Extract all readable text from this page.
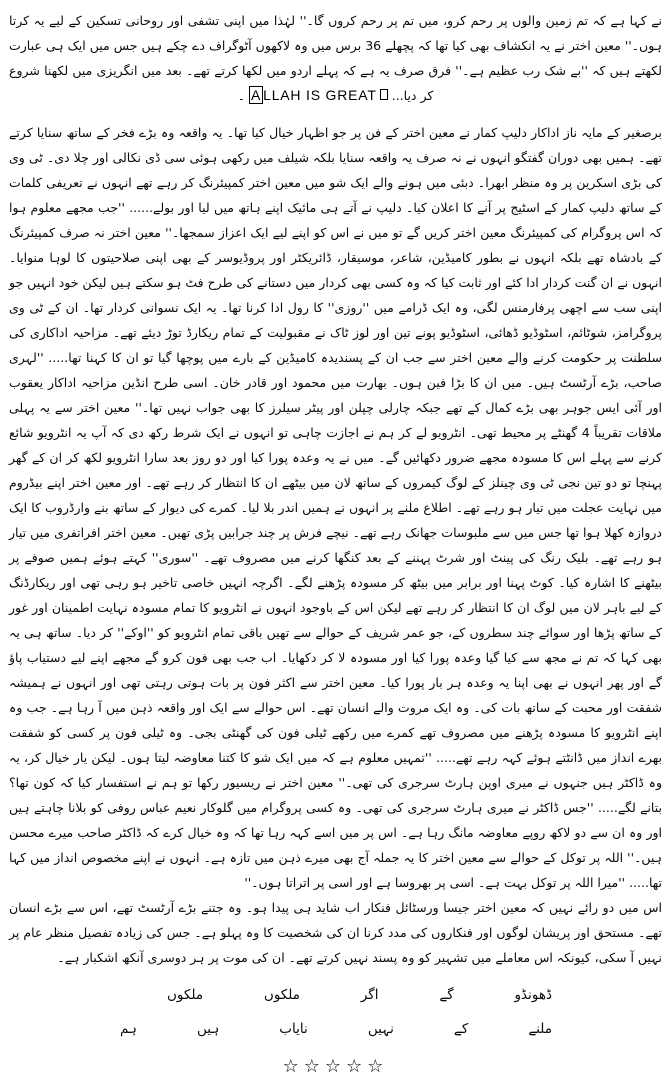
نے کہا ہے کہ تم زمین والوں پر رحم کرو، میں تم پر رحم کروں گا۔'' لہٰذا میں اپنی تشفی اور روحانی تسکین کے لیے یہ کرتا ہوں۔'' معین اختر نے یہ انکشاف بھی کیا تھا کہ پچھلے 36 برس میں وہ لاکھوں آٹوگراف دے چکے ہیں جس میں ایک ہی عبارت لکھتے ہیں کہ ''بے شک رب عظیم ہے۔'' فرق صرف یہ ہے کہ پہلے اردو میں لکھا کرتے تھے۔ بعد میں انگریزی میں لکھنا شروع کر دیا... A LLAH IS GREAT ۔

برصغیر کے مایہ ناز اداکار دلیپ کمار نے معین اختر کے فن پر جو اظہار خیال کیا تھا۔ یہ واقعہ وہ بڑے فخر کے ساتھ سنایا کرتے تھے۔ ہمیں بھی دوران گفتگو انہوں نے نہ صرف یہ واقعہ سنایا بلکہ شیلف میں رکھی ہوئی سی ڈی نکالی اور چلا دی۔ ٹی وی کی بڑی اسکرین پر وہ منظر ابھرا۔ دبئی میں ہونے والے ایک شو میں معین اختر کمپیئرنگ کر رہے تھے انہوں نے تعریفی کلمات کے ساتھ دلیپ کمار کے اسٹیج پر آنے کا اعلان کیا۔ دلیپ نے آتے ہی مائیک اپنے ہاتھ میں لیا اور بولے...... ''جب مجھے معلوم ہوا کہ اس پروگرام کی کمپیئرنگ معین اختر کریں گے تو میں نے اس کو اپنے لیے ایک اعزاز سمجھا۔'' معین اختر نہ صرف کمپیئرنگ کے بادشاہ تھے بلکہ انہوں نے بطور کامیڈین، شاعر، موسیقار، ڈائریکٹر اور پروڈیوسر کے بھی اپنی صلاحیتوں کا لوہا منوایا۔ انہوں نے ان گنت کردار ادا کئے اور ثابت کیا کہ وہ کسی بھی کردار میں دستانے کی طرح فٹ ہو سکتے ہیں لیکن خود انہیں جو اپنی سب سے اچھی پرفارمنس لگی، وہ ایک ڈرامے میں ''روزی'' کا رول ادا کرنا تھا۔ یہ ایک نسوانی کردار تھا۔ ان کے ٹی وی پروگرامز، شوٹائم، اسٹوڈیو ڈھائی، اسٹوڈیو پونے تین اور لوز ٹاک نے مقبولیت کے تمام ریکارڈ توڑ دیئے تھے۔ مزاحیہ اداکاری کی سلطنت پر حکومت کرنے والے معین اختر سے جب ان کے پسندیدہ کامیڈین کے بارے میں پوچھا گیا تو ان کا کہنا تھا..... ''لہری صاحب، بڑے آرٹسٹ ہیں۔ میں ان کا بڑا فین ہوں۔ بھارت میں محمود اور قادر خان۔ اسی طرح انڈین مزاحیہ اداکار یعقوب اور آئی ایس جوہر بھی بڑے کمال کے تھے جبکہ چارلی چپلن اور پیٹر سیلرز کا بھی جواب نہیں تھا۔'' معین اختر سے یہ پہلی ملاقات تقریباً 4 گھنٹے پر محیط تھی۔ انٹرویو لے کر ہم نے اجازت چاہی تو انہوں نے ایک شرط رکھ دی کہ آپ یہ انٹرویو شائع کرنے سے پہلے اس کا مسودہ مجھے ضرور دکھائیں گے۔ میں نے یہ وعدہ پورا کیا اور دو روز بعد سارا انٹرویو لکھ کر ان کے گھر پہنچا تو دو تین نجی ٹی وی چینلز کے لوگ کیمروں کے ساتھ لان میں بیٹھے ان کا انتظار کر رہے تھے۔ اور معین اختر اپنے بیڈروم میں نہایت عجلت میں تیار ہو رہے تھے۔ اطلاع ملنے پر انہوں نے ہمیں اندر بلا لیا۔ کمرے کی دیوار کے ساتھ بنے وارڈروب کا ایک دروازہ کھلا ہوا تھا جس میں سے ملبوسات جھانک رہے تھے۔ نیچے فرش پر چند جرابیں پڑی تھیں۔ معین اختر افراتفری میں تیار ہو رہے تھے۔ بلیک رنگ کی پینٹ اور شرٹ پہننے کے بعد کنگھا کرنے میں مصروف تھے۔ ''سوری'' کہتے ہوئے ہمیں صوفے پر بیٹھنے کا اشارہ کیا۔ کوٹ پہنا اور برابر میں بیٹھ کر مسودہ پڑھنے لگے۔ اگرچہ انہیں خاصی تاخیر ہو رہی تھی اور ریکارڈنگ کے لیے باہر لان میں لوگ ان کا انتظار کر رہے تھے لیکن اس کے باوجود انہوں نے انٹرویو کا تمام مسودہ نہایت اطمینان اور غور کے ساتھ پڑھا اور سوائے چند سطروں کے، جو عمر شریف کے حوالے سے تھیں باقی تمام انٹرویو کو ''اوکے'' کر دیا۔ ساتھ ہی یہ بھی کہا کہ تم نے مجھ سے کیا گیا وعدہ پورا کیا اور مسودہ لا کر دکھایا۔ اب جب بھی فون کرو گے مجھے اپنے لیے دستیاب پاؤ گے اور پھر انہوں نے بھی اپنا یہ وعدہ ہر بار پورا کیا۔ معین اختر سے اکثر فون پر بات ہوتی رہتی تھی اور انہوں نے ہمیشہ شفقت اور محبت کے ساتھ بات کی۔ وہ ایک مروت والے انسان تھے۔ اس حوالے سے ایک اور واقعہ ذہن میں آ رہا ہے۔ جب وہ اپنے انٹرویو کا مسودہ پڑھنے میں مصروف تھے کمرے میں رکھے ٹیلی فون کی گھنٹی بجی۔ وہ ٹیلی فون پر کسی کو شفقت بھرے انداز میں ڈانٹتے ہوئے کہہ رہے تھے..... ''تمہیں معلوم ہے کہ میں ایک شو کا کتنا معاوضہ لیتا ہوں۔ لیکن یار خیال کر، یہ وہ ڈاکٹر ہیں جنہوں نے میری اوپن ہارٹ سرجری کی تھی۔'' معین اختر نے ریسیور رکھا تو ہم نے استفسار کیا کہ کون تھا؟ بتانے لگے..... ''جس ڈاکٹر نے میری ہارٹ سرجری کی تھی۔ وہ کسی پروگرام میں گلوکار نعیم عباس روفی کو بلانا چاہتے ہیں اور وہ ان سے دو لاکھ روپے معاوضہ مانگ رہا ہے۔ اس پر میں اسے کہہ رہا تھا کہ وہ خیال کرے کہ ڈاکٹر صاحب میرے محسن ہیں۔'' اللہ پر توکل کے حوالے سے معین اختر کا یہ جملہ آج بھی میرے ذہن میں تازہ ہے۔ انہوں نے اپنے مخصوص انداز میں کہا تھا..... ''میرا اللہ پر توکل بہت ہے۔ اسی پر بھروسا ہے اور اسی پر اتراتا ہوں۔''

اس میں دو رائے نہیں کہ معین اختر جیسا ورسٹائل فنکار اب شاید ہی پیدا ہو۔ وہ جتنے بڑے آرٹسٹ تھے، اس سے بڑے انسان تھے۔ مستحق اور پریشان لوگوں اور فنکاروں کی مدد کرنا ان کی شخصیت کا وہ پہلو ہے۔ جس کی زیادہ تفصیل منظر عام پر نہیں آ سکی، کیونکہ اس معاملے میں تشہیر کو وہ پسند نہیں کرتے تھے۔ ان کی موت پر ہر دوسری آنکھ اشکبار ہے۔

ڈھونڈو
گے
اگر
ملکوں
ملکوں
ملنے
کے
نہیں
نایاب
ہیں
ہم
☆☆☆☆☆
